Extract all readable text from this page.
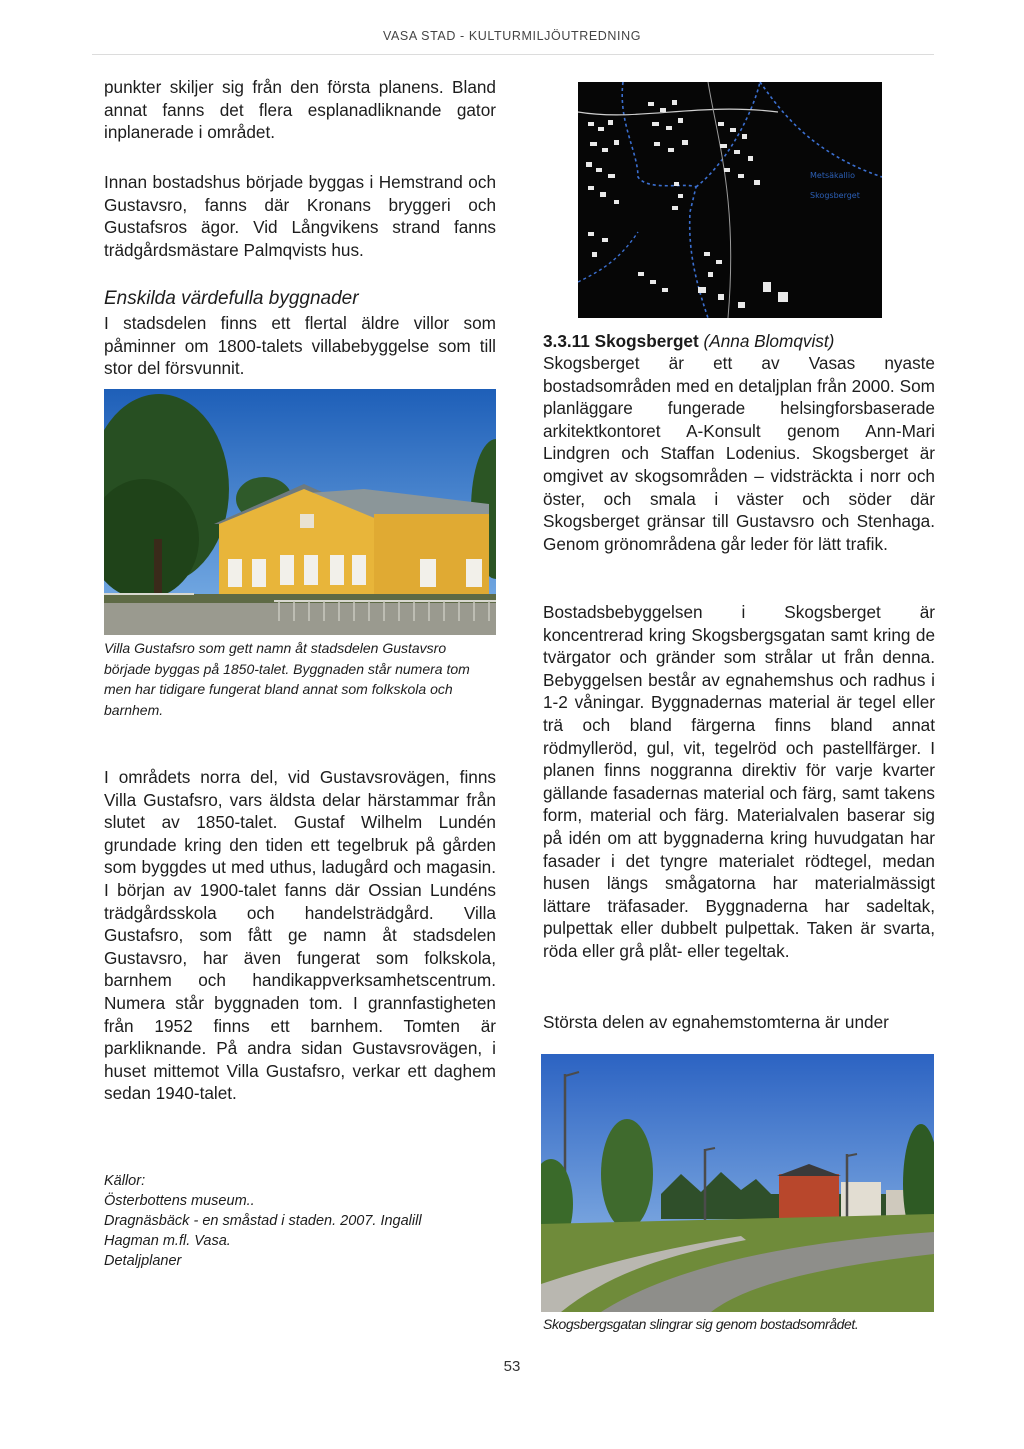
VASA STAD - KULTURMILJÖUTREDNING

punkter skiljer sig från den första planens. Bland annat fanns det flera esplanadliknande gator inplanerade i området.

Innan bostadshus började byggas i Hemstrand och Gustavsro, fanns där Kronans bryggeri och Gustafsros ägor. Vid Långvikens strand fanns trädgårdsmästare Palmqvists hus.

Enskilda värdefulla byggnader

I stadsdelen finns ett flertal äldre villor som påminner om 1800-talets villabebyggelse som till stor del försvunnit.

Villa Gustafsro som gett namn åt stadsdelen Gustavsro började byggas på 1850-talet. Byggnaden står numera tom men har tidigare fungerat bland annat som folkskola och barnhem.

I områdets norra del, vid Gustavsrovägen, finns Villa Gustafsro, vars äldsta delar härstammar från slutet av 1850-talet. Gustaf Wilhelm Lundén grundade kring den tiden ett tegelbruk på gården som byggdes ut med uthus, ladugård och magasin. I början av 1900-talet fanns där Ossian Lundéns trädgårdsskola och handelsträdgård. Villa Gustafsro, som fått ge namn åt stadsdelen Gustavsro, har även fungerat som folkskola, barnhem och handikappverksamhetscentrum. Numera står byggnaden tom. I grannfastigheten från 1952 finns ett barnhem. Tomten är parkliknande. På andra sidan Gustavsrovägen, i huset mittemot Villa Gustafsro, verkar ett daghem sedan 1940-talet.

Källor:
Österbottens museum..
Dragnäsbäck - en småstad i staden. 2007. Ingalill
Hagman m.fl. Vasa.
Detaljplaner
Metsäkallio
Skogsberget

3.3.11 Skogsberget (Anna Blomqvist)

Skogsberget är ett av Vasas nyaste bostadsområden med en detaljplan från 2000. Som planläggare fungerade helsingforsbaserade arkitektkontoret A-Konsult genom Ann-Mari Lindgren och Staffan Lodenius. Skogsberget är omgivet av skogsområden – vidsträckta i norr och öster, och smala i väster och söder där Skogsberget gränsar till Gustavsro och Stenhaga. Genom grönområdena går leder för lätt trafik.

Bostadsbebyggelsen i Skogsberget är koncentrerad kring Skogsbergsgatan samt kring de tvärgator och gränder som strålar ut från denna. Bebyggelsen består av egnahemshus och radhus i 1-2 våningar. Byggnadernas material är tegel eller trä och bland färgerna finns bland annat rödmylleröd, gul, vit, tegelröd och pastellfärger. I planen finns noggranna direktiv för varje kvarter gällande fasadernas material och färg, samt takens form, material och färg. Materialvalen baserar sig på idén om att byggnaderna kring huvudgatan har fasader i det tyngre materialet rödtegel, medan husen längs smågatorna har materialmässigt lättare träfasader. Byggnaderna har sadeltak, pulpettak eller dubbelt pulpettak. Taken är svarta, röda eller grå plåt- eller tegeltak.

Största delen av egnahemstomterna är under

Skogsbergsgatan slingrar sig genom bostadsområdet.

53
